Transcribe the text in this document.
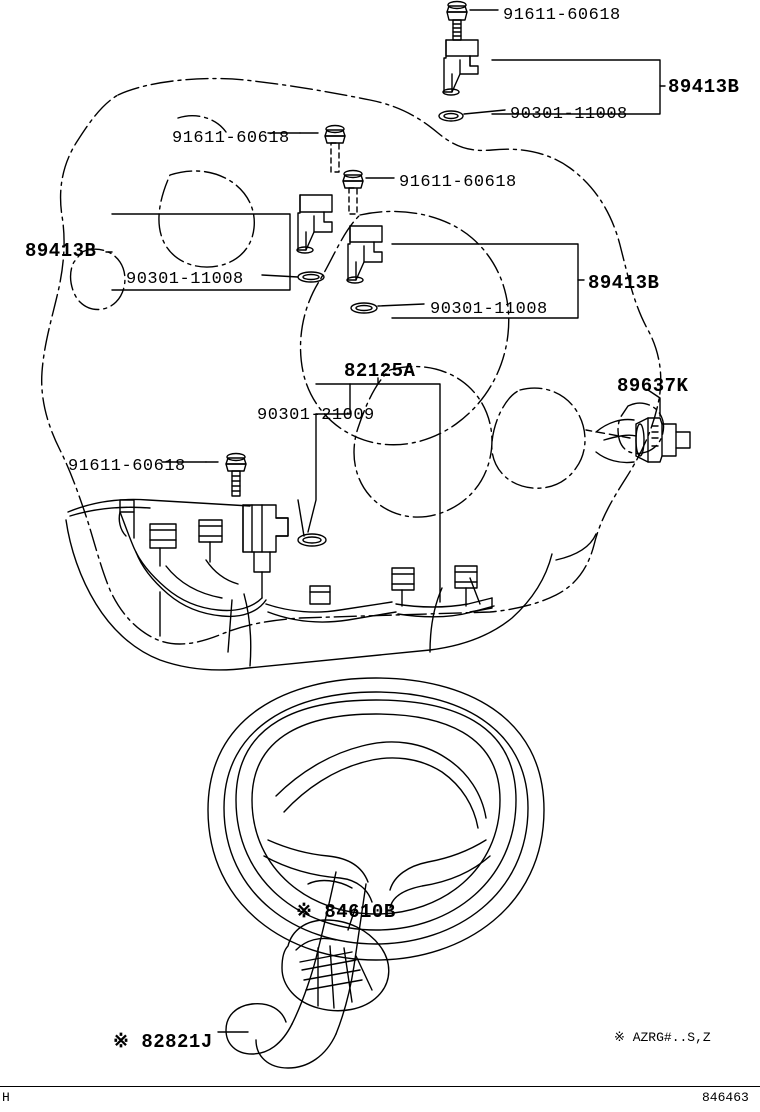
91611-60618
89413B
90301-11008
91611-60618
91611-60618
89413B
90301-11008	89413B
90301-11008
82125A
89637K
90301-21009
91611-60618
※ 84610B
※ 82821J	※ AZRG#..S,Z
H	846463
